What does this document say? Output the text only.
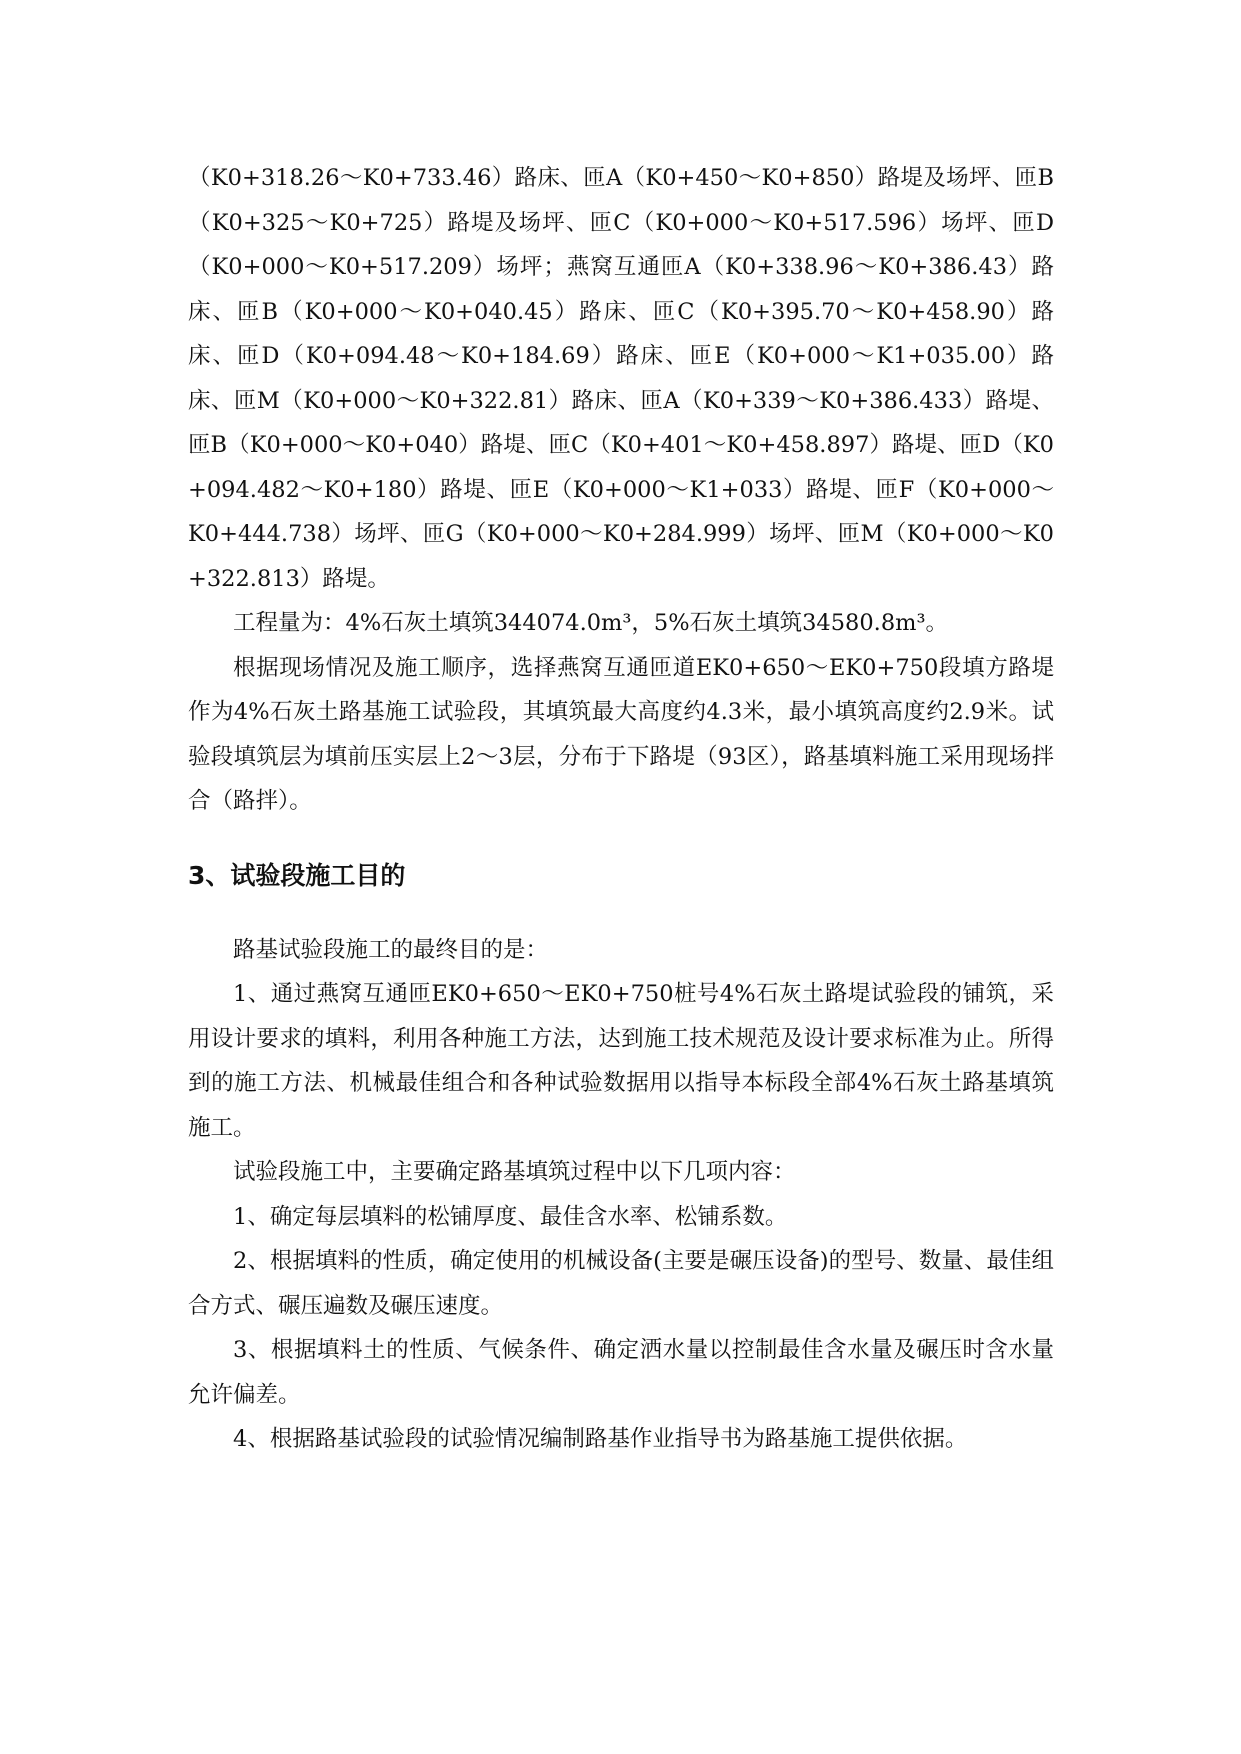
（K0+318.26～K0+733.46）路床、匝A（K0+450～K0+850）路堤及场坪、匝B（K0+325～K0+725）路堤及场坪、匝C（K0+000～K0+517.596）场坪、匝D（K0+000～K0+517.209）场坪；燕窝互通匝A（K0+338.96～K0+386.43）路床、匝B（K0+000～K0+040.45）路床、匝C（K0+395.70～K0+458.90）路床、匝D（K0+094.48～K0+184.69）路床、匝E（K0+000～K1+035.00）路床、匝M（K0+000～K0+322.81）路床、匝A（K0+339～K0+386.433）路堤、匝B（K0+000～K0+040）路堤、匝C（K0+401～K0+458.897）路堤、匝D（K0+094.482～K0+180）路堤、匝E（K0+000～K1+033）路堤、匝F（K0+000～K0+444.738）场坪、匝G（K0+000～K0+284.999）场坪、匝M（K0+000～K0+322.813）路堤。

工程量为：4%石灰土填筑344074.0m³，5%石灰土填筑34580.8m³。

根据现场情况及施工顺序，选择燕窝互通匝道EK0+650～EK0+750段填方路堤作为4%石灰土路基施工试验段，其填筑最大高度约4.3米，最小填筑高度约2.9米。试验段填筑层为填前压实层上2～3层，分布于下路堤（93区），路基填料施工采用现场拌合（路拌）。

3、试验段施工目的

路基试验段施工的最终目的是：

1、通过燕窝互通匝EK0+650～EK0+750桩号4%石灰土路堤试验段的铺筑，采用设计要求的填料，利用各种施工方法，达到施工技术规范及设计要求标准为止。所得到的施工方法、机械最佳组合和各种试验数据用以指导本标段全部4%石灰土路基填筑施工。

试验段施工中，主要确定路基填筑过程中以下几项内容：

1、确定每层填料的松铺厚度、最佳含水率、松铺系数。

2、根据填料的性质，确定使用的机械设备(主要是碾压设备)的型号、数量、最佳组合方式、碾压遍数及碾压速度。

3、根据填料土的性质、气候条件、确定洒水量以控制最佳含水量及碾压时含水量允许偏差。

4、根据路基试验段的试验情况编制路基作业指导书为路基施工提供依据。
